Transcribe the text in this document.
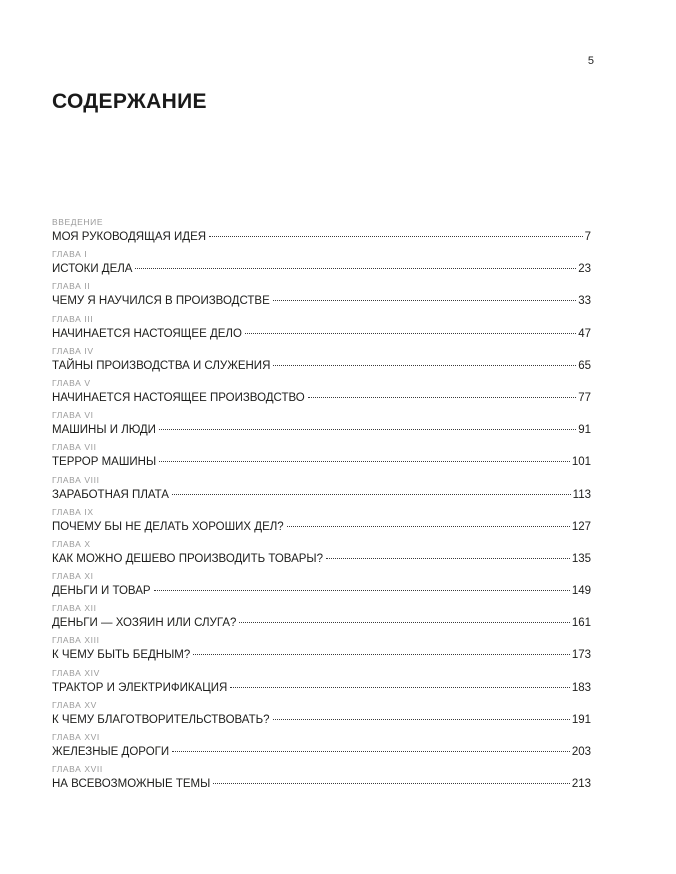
5
СОДЕРЖАНИЕ
ВВЕДЕНИЕ
МОЯ РУКОВОДЯЩАЯ ИДЕЯ	7
ГЛАВА I
ИСТОКИ ДЕЛА	23
ГЛАВА II
ЧЕМУ Я НАУЧИЛСЯ В ПРОИЗВОДСТВЕ	33
ГЛАВА III
НАЧИНАЕТСЯ НАСТОЯЩЕЕ ДЕЛО	47
ГЛАВА IV
ТАЙНЫ ПРОИЗВОДСТВА И СЛУЖЕНИЯ	65
ГЛАВА V
НАЧИНАЕТСЯ НАСТОЯЩЕЕ ПРОИЗВОДСТВО	77
ГЛАВА VI
МАШИНЫ И ЛЮДИ	91
ГЛАВА VII
ТЕРРОР МАШИНЫ	101
ГЛАВА VIII
ЗАРАБОТНАЯ ПЛАТА	113
ГЛАВА IX
ПОЧЕМУ БЫ НЕ ДЕЛАТЬ ХОРОШИХ ДЕЛ?	127
ГЛАВА X
КАК МОЖНО ДЕШЕВО ПРОИЗВОДИТЬ ТОВАРЫ?	135
ГЛАВА XI
ДЕНЬГИ И ТОВАР	149
ГЛАВА XII
ДЕНЬГИ — ХОЗЯИН ИЛИ СЛУГА?	161
ГЛАВА XIII
К ЧЕМУ БЫТЬ БЕДНЫМ?	173
ГЛАВА XIV
ТРАКТОР И ЭЛЕКТРИФИКАЦИЯ	183
ГЛАВА XV
К ЧЕМУ БЛАГОТВОРИТЕЛЬСТВОВАТЬ?	191
ГЛАВА XVI
ЖЕЛЕЗНЫЕ ДОРОГИ	203
ГЛАВА XVII
НА ВСЕВОЗМОЖНЫЕ ТЕМЫ	213
